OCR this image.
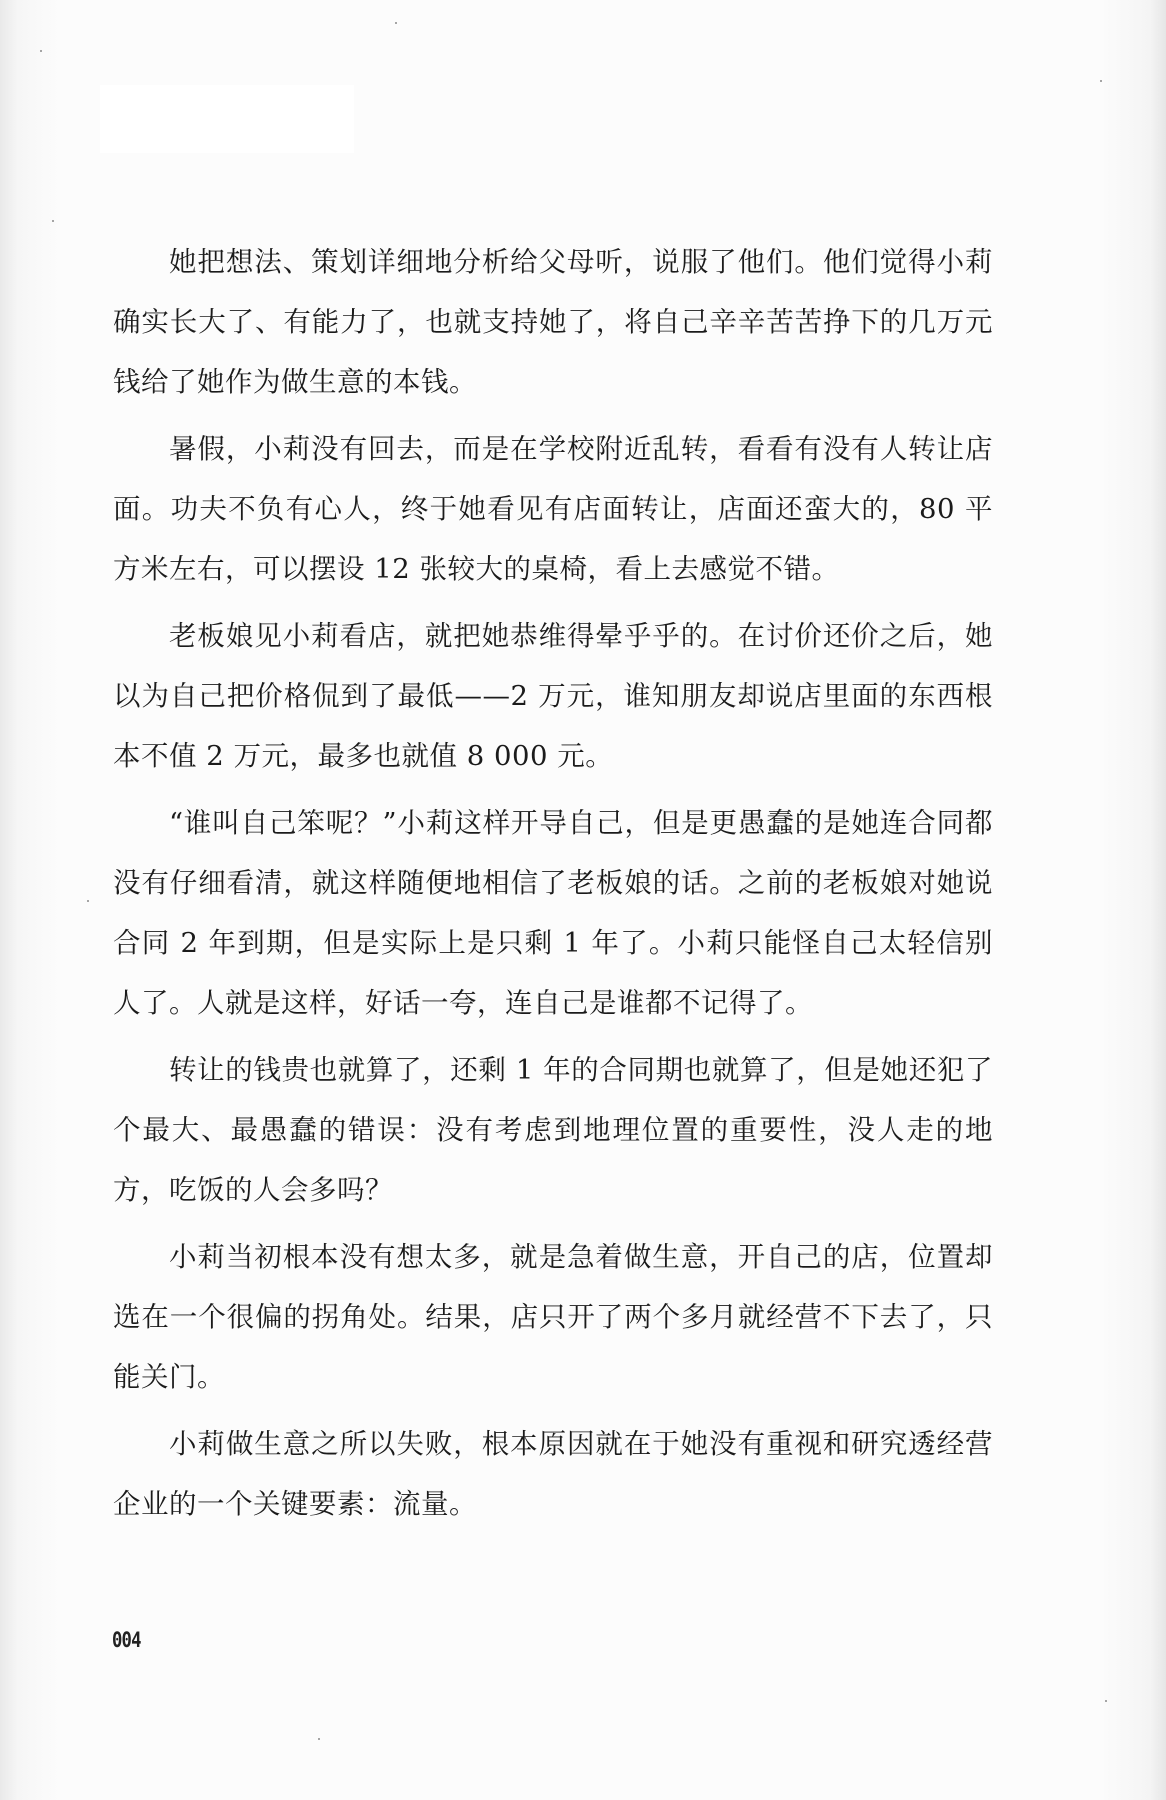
她把想法、策划详细地分析给父母听，说服了他们。他们觉得小莉确实长大了、有能力了，也就支持她了，将自己辛辛苦苦挣下的几万元钱给了她作为做生意的本钱。

暑假，小莉没有回去，而是在学校附近乱转，看看有没有人转让店面。功夫不负有心人，终于她看见有店面转让，店面还蛮大的，80 平方米左右，可以摆设 12 张较大的桌椅，看上去感觉不错。

老板娘见小莉看店，就把她恭维得晕乎乎的。在讨价还价之后，她以为自己把价格侃到了最低——2 万元，谁知朋友却说店里面的东西根本不值 2 万元，最多也就值 8 000 元。

“谁叫自己笨呢？”小莉这样开导自己，但是更愚蠢的是她连合同都没有仔细看清，就这样随便地相信了老板娘的话。之前的老板娘对她说合同 2 年到期，但是实际上是只剩 1 年了。小莉只能怪自己太轻信别人了。人就是这样，好话一夸，连自己是谁都不记得了。

转让的钱贵也就算了，还剩 1 年的合同期也就算了，但是她还犯了个最大、最愚蠢的错误：没有考虑到地理位置的重要性，没人走的地方，吃饭的人会多吗？

小莉当初根本没有想太多，就是急着做生意，开自己的店，位置却选在一个很偏的拐角处。结果，店只开了两个多月就经营不下去了，只能关门。

小莉做生意之所以失败，根本原因就在于她没有重视和研究透经营企业的一个关键要素：流量。

004
